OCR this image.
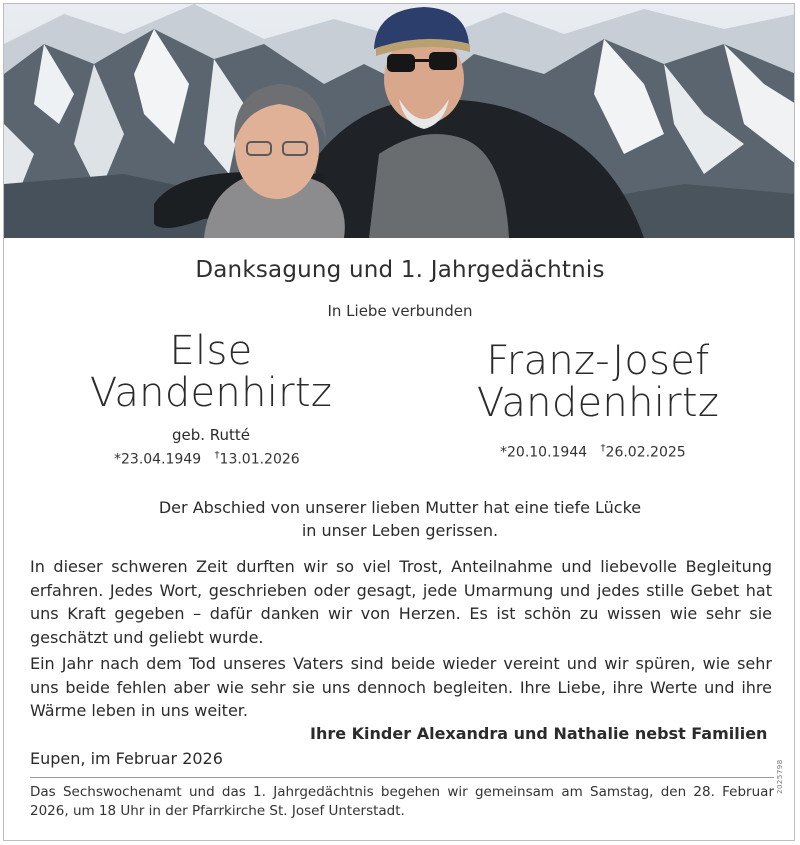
Danksagung und 1. Jahrgedächtnis
In Liebe verbunden
Else
Vandenhirtz
geb. Rutté
*23.04.1949 †13.01.2026
Franz-Josef
Vandenhirtz
*20.10.1944 †26.02.2025
Der Abschied von unserer lieben Mutter hat eine tiefe Lücke
in unser Leben gerissen.
In dieser schweren Zeit durften wir so viel Trost, Anteilnahme und liebevolle Begleitung erfahren. Jedes Wort, geschrieben oder gesagt, jede Umarmung und jedes stille Gebet hat uns Kraft gegeben – dafür danken wir von Herzen. Es ist schön zu wissen wie sehr sie geschätzt und geliebt wurde.
Ein Jahr nach dem Tod unseres Vaters sind beide wieder vereint und wir spüren, wie sehr uns beide fehlen aber wie sehr sie uns dennoch begleiten. Ihre Liebe, ihre Werte und ihre Wärme leben in uns weiter.
Ihre Kinder Alexandra und Nathalie nebst Familien
Eupen, im Februar 2026
Das Sechswochenamt und das 1. Jahrgedächtnis begehen wir gemeinsam am Samstag, den 28. Februar 2026, um 18 Uhr in der Pfarrkirche St. Josef Unterstadt.
2025798
